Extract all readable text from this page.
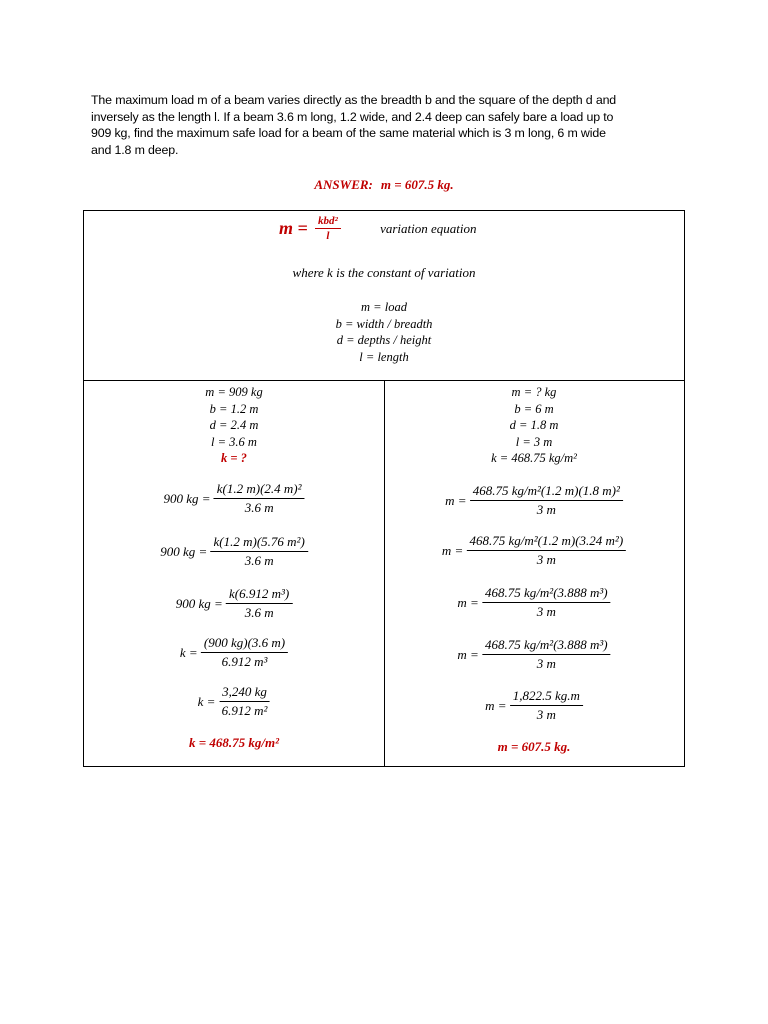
The maximum load m of a beam varies directly as the breadth b and the square of the depth d and
inversely as the length l. If a beam 3.6 m long, 1.2 wide, and 2.4 deep can safely bare a load up to
909 kg, find the maximum safe load for a beam of the same material which is 3 m long, 6 m wide
and 1.8 m deep.
ANSWER: m = 607.5 kg.
$m = \frac{\text{kbd²}}{l}$	variation equation
where k is the constant of variation
m = load
b = width / breadth
d = depths / height
l = length
m = 909 kg
b = 1.2 m
d = 2.4 m
l = 3.6 m
k = ?
900 kg = $\frac{\text{k(1.2 m)(2.4 m)²}}{3.6 m}$
900 kg = $\frac{\text{k(1.2 m)(5.76 m²)}}{3.6 m}$
900 kg = $\frac{\text{k(6.912 m³)}}{3.6 m}$
$k = \frac{(900 kg)(3.6 m)}{\text{6.912 m³}}$
$k = \frac{3,240 kg}{\text{6.912 m²}}$
k = 468.75 kg/m²
m = ? kg
b = 6 m
d = 1.8 m
l = 3 m
k = 468.75 kg/m²
$m = \frac{\text{468.75 kg/m²(1.2 m)(1.8 m)²}}{3 m}$
$m = \frac{\text{468.75 kg/m²(1.2 m)(3.24 m²)}}{3 m}$
$m = \frac{\text{468.75 kg/m²(3.888 m³)}}{3 m}$
$m = \frac{\text{468.75 kg/m²(3.888 m³)}}{3 m}$
$m = \frac{1,822.5 kg.m}{3 m}$
m = 607.5 kg.
